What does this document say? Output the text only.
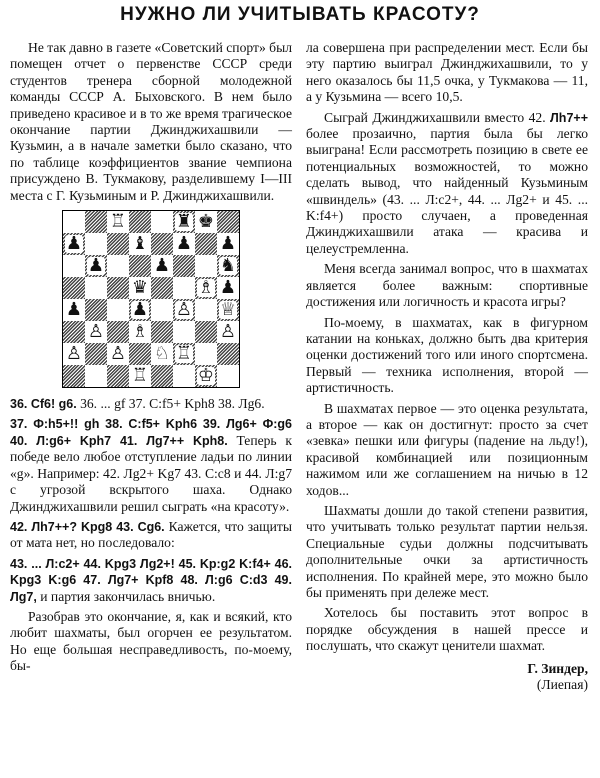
НУЖНО ЛИ УЧИТЫВАТЬ КРАСОТУ?

Не так давно в газете «Советский спорт» был помещен отчет о первенстве СССР среди студентов тренера сборной молодежной команды СССР А. Быховского. В нем было приведено красивое и в то же время трагическое окончание партии Джинджихашвили — Кузьмин, а в начале заметки было сказано, что по таблице коэффициентов звание чемпиона присуждено В. Тукмакову, разделившему I—III места с Г. Кузьминым и Р. Джинджихашвили.

♖	♜ ♚
♟	♝ ♟ ♟
♟	♟	♞
♛	♗ ♟
♟	♟ ♙ ♕
♙ ♗	♙
♙ ♙ ♘ ♖
♖	♔

36. Cf6! g6. 36. ... gf 37. С:f5+ Kph8 38. Лg6.

37. Ф:h5+!! gh 38. С:f5+ Kph6 39. Лg6+ Ф:g6 40. Л:g6+ Kph7 41. Лg7++ Kph8. Теперь к победе вело любое отступление ладьи по линии «g». Например: 42. Лg2+ Kg7 43. С:c8 и 44. Л:g7 с угрозой вскрытого шаха. Однако Джинджихашвили решил сыграть «на красоту».

42. Лh7++? Kpg8 43. Cg6. Кажется, что защиты от мата нет, но последовало:

43. ... Л:c2+ 44. Kpg3 Лg2+! 45. Kp:g2 K:f4+ 46. Kpg3 K:g6 47. Лg7+ Kpf8 48. Л:g6 С:d3 49. Лg7, и партия закончилась вничью.

Разобрав это окончание, я, как и всякий, кто любит шахматы, был огорчен ее результатом. Но еще большая несправедливость, по-моему, бы-

ла совершена при распределении мест. Если бы эту партию выиграл Джинджихашвили, то у него оказалось бы 11,5 очка, у Тукмакова — 11, а у Кузьмина — всего 10,5.

Сыграй Джинджихашвили вместо 42. Лh7++ более прозаично, партия была бы легко выиграна! Если рассмотреть позицию в свете ее потенциальных возможностей, то можно сделать вывод, что найденный Кузьминым «швиндель» (43. ... Л:c2+, 44. ... Лg2+ и 45. ... K:f4+) просто случаен, а проведенная Джинджихашвили атака — красива и целеустремленна.

Меня всегда занимал вопрос, что в шахматах является более важным: спортивные достижения или логичность и красота игры?

По-моему, в шахматах, как в фигурном катании на коньках, должно быть два критерия оценки достижений того или иного спортсмена. Первый — техника исполнения, второй — артистичность.

В шахматах первое — это оценка результата, а второе — как он достигнут: просто за счет «зевка» пешки или фигуры (падение на льду!), красивой комбинацией или позиционным нажимом или же соглашением на ничью в 12 ходов...

Шахматы дошли до такой степени развития, что учитывать только результат партии нельзя. Специальные судьи должны подсчитывать дополнительные очки за артистичность исполнения. По крайней мере, это можно было бы применять при дележе мест.

Хотелось бы поставить этот вопрос в порядке обсуждения в нашей прессе и послушать, что скажут ценители шахмат.

Г. Зиндер,
(Лиепая)
